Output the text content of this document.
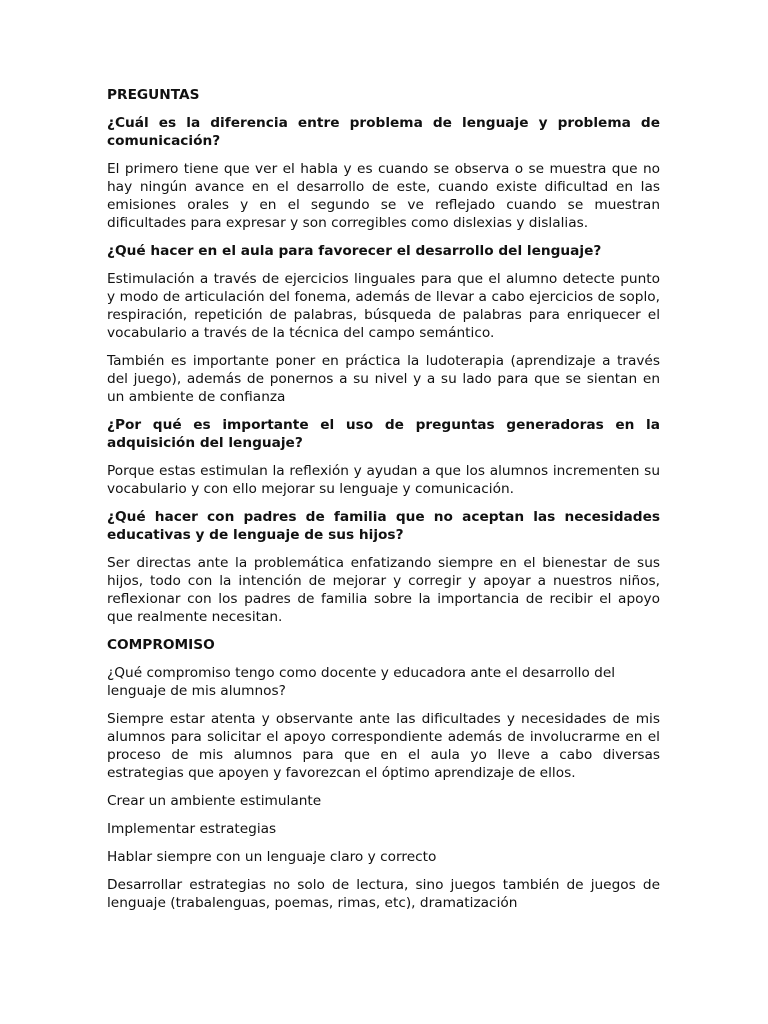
PREGUNTAS

¿Cuál es la diferencia entre problema de lenguaje y problema de comunicación?

El primero tiene que ver el habla y es cuando se observa o se muestra que no hay ningún avance en el desarrollo de este, cuando existe dificultad en las emisiones orales y en el segundo se ve reflejado cuando se muestran dificultades para expresar y son corregibles como dislexias y dislalias.

¿Qué hacer en el aula para favorecer el desarrollo del lenguaje?

Estimulación a través de ejercicios linguales para que el alumno detecte punto y modo de articulación del fonema, además de llevar a cabo ejercicios de soplo, respiración, repetición de palabras, búsqueda de palabras para enriquecer el vocabulario a través de la técnica del campo semántico.

También es importante poner en práctica la ludoterapia (aprendizaje a través del juego), además de ponernos a su nivel y a su lado para que se sientan en un ambiente de confianza

¿Por qué es importante el uso de preguntas generadoras en la adquisición del lenguaje?

Porque estas estimulan la reflexión y ayudan a que los alumnos incrementen su vocabulario y con ello mejorar su lenguaje y comunicación.

¿Qué hacer con padres de familia que no aceptan las necesidades educativas y de lenguaje de sus hijos?

Ser directas ante la problemática enfatizando siempre en el bienestar de sus hijos, todo con la intención de mejorar y corregir y apoyar a nuestros niños, reflexionar con los padres de familia sobre la importancia de recibir el apoyo que realmente necesitan.

COMPROMISO

¿Qué compromiso tengo como docente y educadora ante el desarrollo del lenguaje de mis alumnos?

Siempre estar atenta y observante ante las dificultades y necesidades de mis alumnos para solicitar el apoyo correspondiente además de involucrarme en el proceso de mis alumnos para que en el aula yo lleve a cabo diversas estrategias que apoyen y favorezcan el óptimo aprendizaje de ellos.

Crear un ambiente estimulante

Implementar estrategias

Hablar siempre con un lenguaje claro y correcto

Desarrollar estrategias no solo de lectura, sino juegos también de juegos de lenguaje (trabalenguas, poemas, rimas, etc), dramatización
